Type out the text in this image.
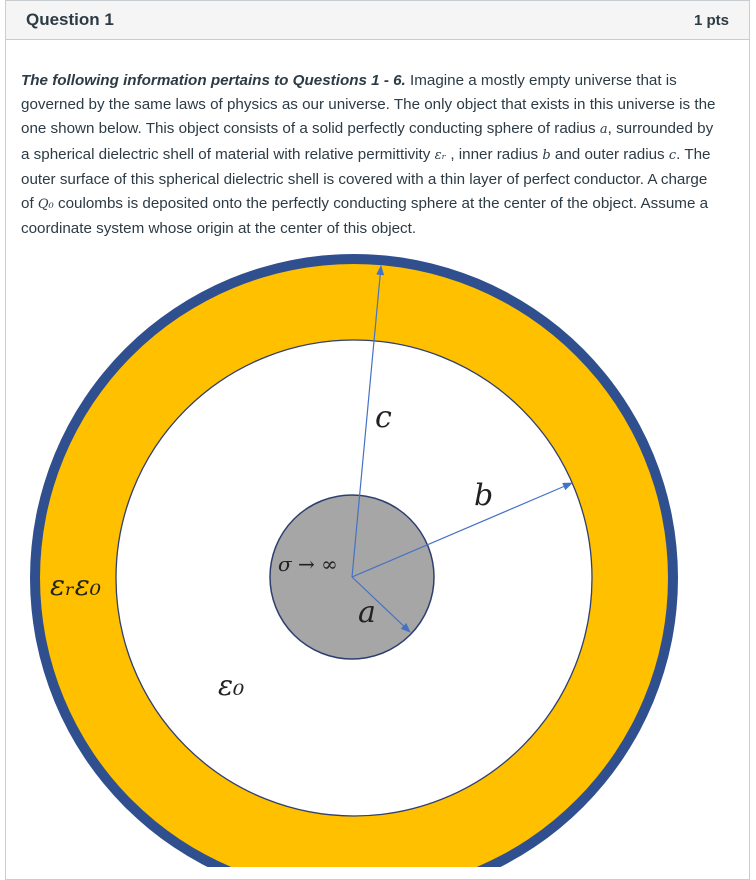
Question 1	1 pts
The following information pertains to Questions 1 - 6. Imagine a mostly empty universe that is governed by the same laws of physics as our universe. The only object that exists in this universe is the one shown below. This object consists of a solid perfectly conducting sphere of radius a, surrounded by a spherical dielectric shell of material with relative permittivity εᵣ , inner radius b and outer radius c. The outer surface of this spherical dielectric shell is covered with a thin layer of perfect conductor. A charge of Q₀ coulombs is deposited onto the perfectly conducting sphere at the center of the object. Assume a coordinate system whose origin at the center of this object.
c
b
a
σ → ∞
εᵣε₀
ε₀
